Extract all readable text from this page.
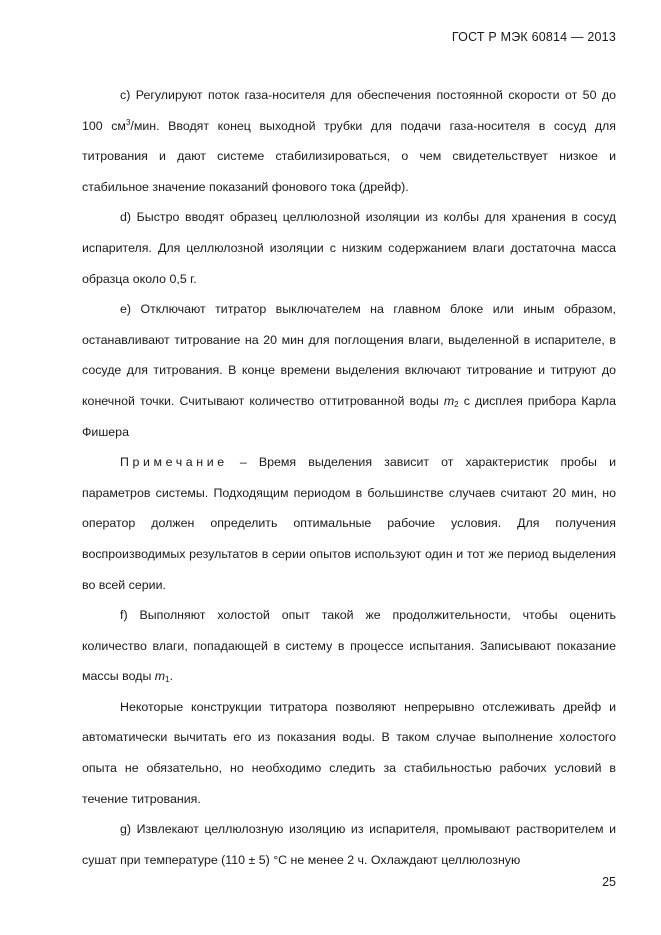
ГОСТ Р МЭК 60814 — 2013

c) Регулируют поток газа-носителя для обеспечения постоянной скорости от 50 до 100 $см^3$/мин. Вводят конец выходной трубки для подачи газа-носителя в сосуд для титрования и дают системе стабилизироваться, о чем свидетельствует низкое и стабильное значение показаний фонового тока (дрейф).

d) Быстро вводят образец целлюлозной изоляции из колбы для хранения в сосуд испарителя. Для целлюлозной изоляции с низким содержанием влаги достаточна масса образца около 0,5 г.

e) Отключают титратор выключателем на главном блоке или иным образом, останавливают титрование на 20 мин для поглощения влаги, выделенной в испарителе, в сосуде для титрования. В конце времени выделения включают титрование и титруют до конечной точки. Считывают количество оттитрованной воды $m_2$ с дисплея прибора Карла Фишера

Примечание – Время выделения зависит от характеристик пробы и параметров системы. Подходящим периодом в большинстве случаев считают 20 мин, но оператор должен определить оптимальные рабочие условия. Для получения воспроизводимых результатов в серии опытов используют один и тот же период выделения во всей серии.

f) Выполняют холостой опыт такой же продолжительности, чтобы оценить количество влаги, попадающей в систему в процессе испытания. Записывают показание массы воды $m_1$.

Некоторые конструкции титратора позволяют непрерывно отслеживать дрейф и автоматически вычитать его из показания воды. В таком случае выполнение холостого опыта не обязательно, но необходимо следить за стабильностью рабочих условий в течение титрования.

g) Извлекают целлюлозную изоляцию из испарителя, промывают растворителем и сушат при температуре (110 ± 5) °С не менее 2 ч. Охлаждают целлюлозную

25
